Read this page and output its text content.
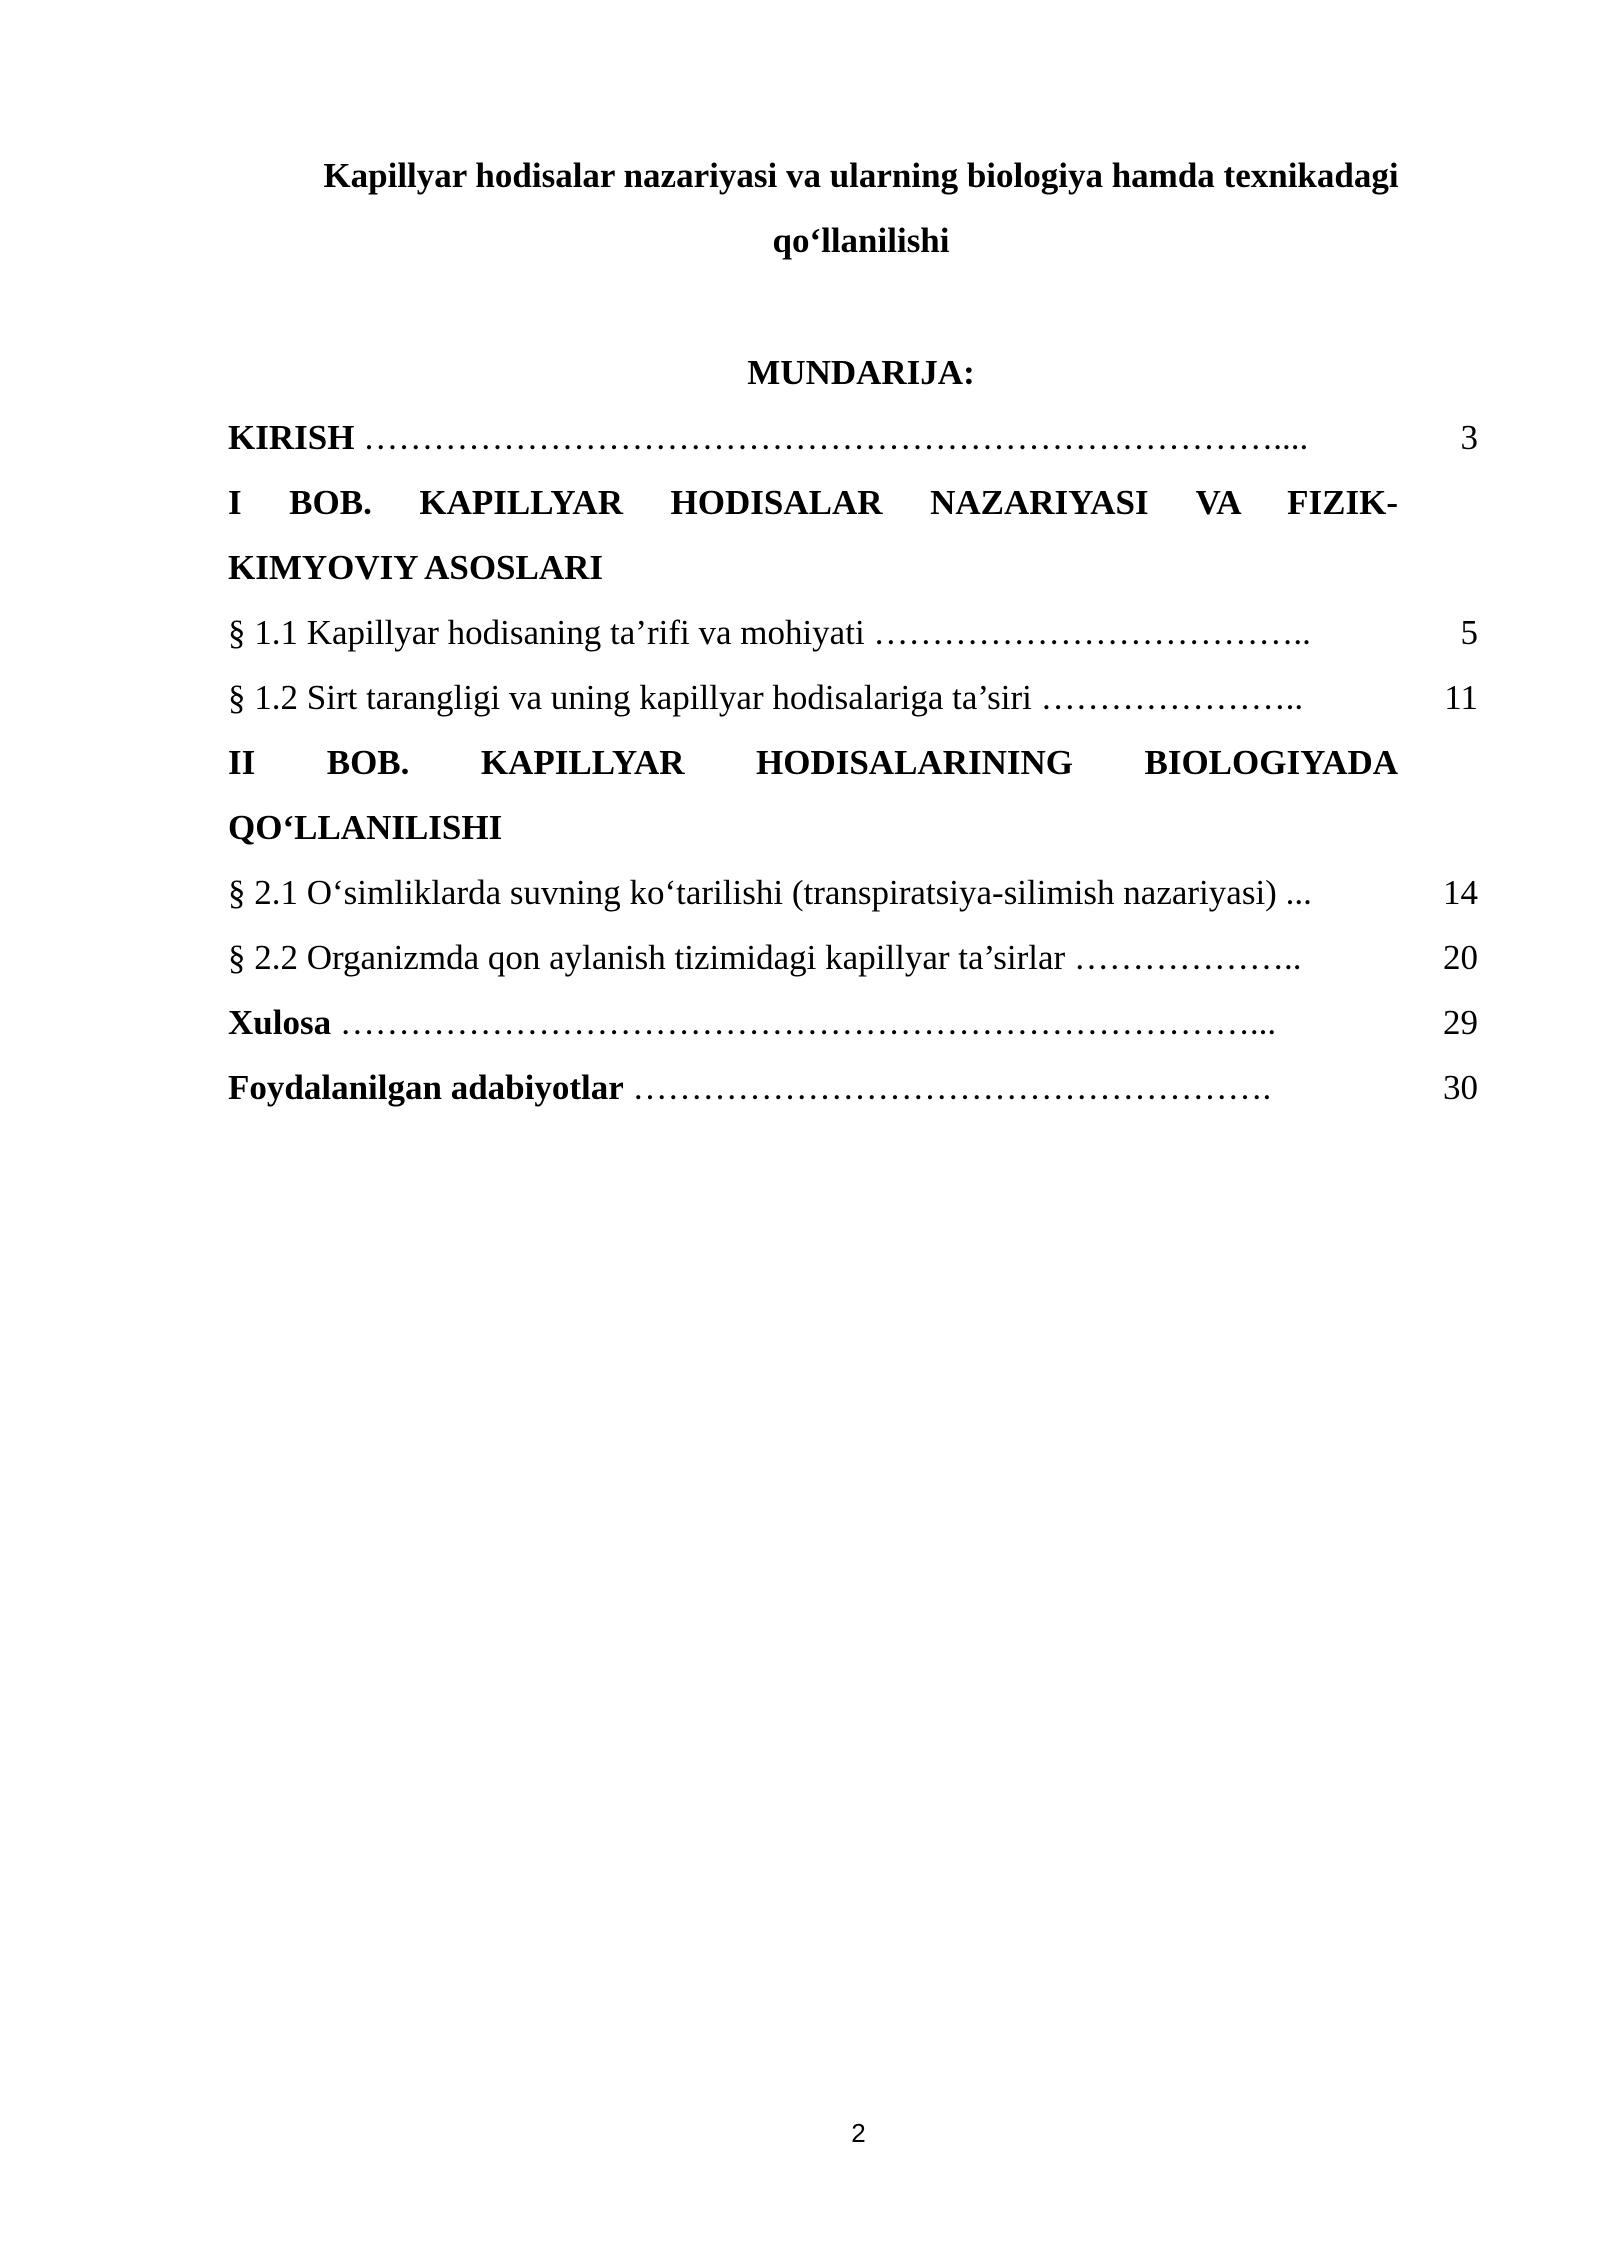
Kapillyar hodisalar nazariyasi va ularning biologiya hamda texnikadagi
qo‘llanilishi
MUNDARIJA:
KIRISH ……………………………………………………………………....	3
I BOB. KAPILLYAR HODISALAR NAZARIYASI VA FIZIK-
KIMYOVIY ASOSLARI
§ 1.1 Kapillyar hodisaning ta’rifi va mohiyati ………………………………..	5
§ 1.2 Sirt tarangligi va uning kapillyar hodisalariga ta’siri …………………..	11
II BOB. KAPILLYAR HODISALARINING BIOLOGIYADA
QO‘LLANILISHI
§ 2.1 O‘simliklarda suvning ko‘tarilishi (transpiratsiya-silimish nazariyasi) ...	14
§ 2.2 Organizmda qon aylanish tizimidagi kapillyar ta’sirlar ………………..	20
Xulosa ……………………………………………………………………...	29
Foydalanilgan adabiyotlar ……………………………………………….	30
2
